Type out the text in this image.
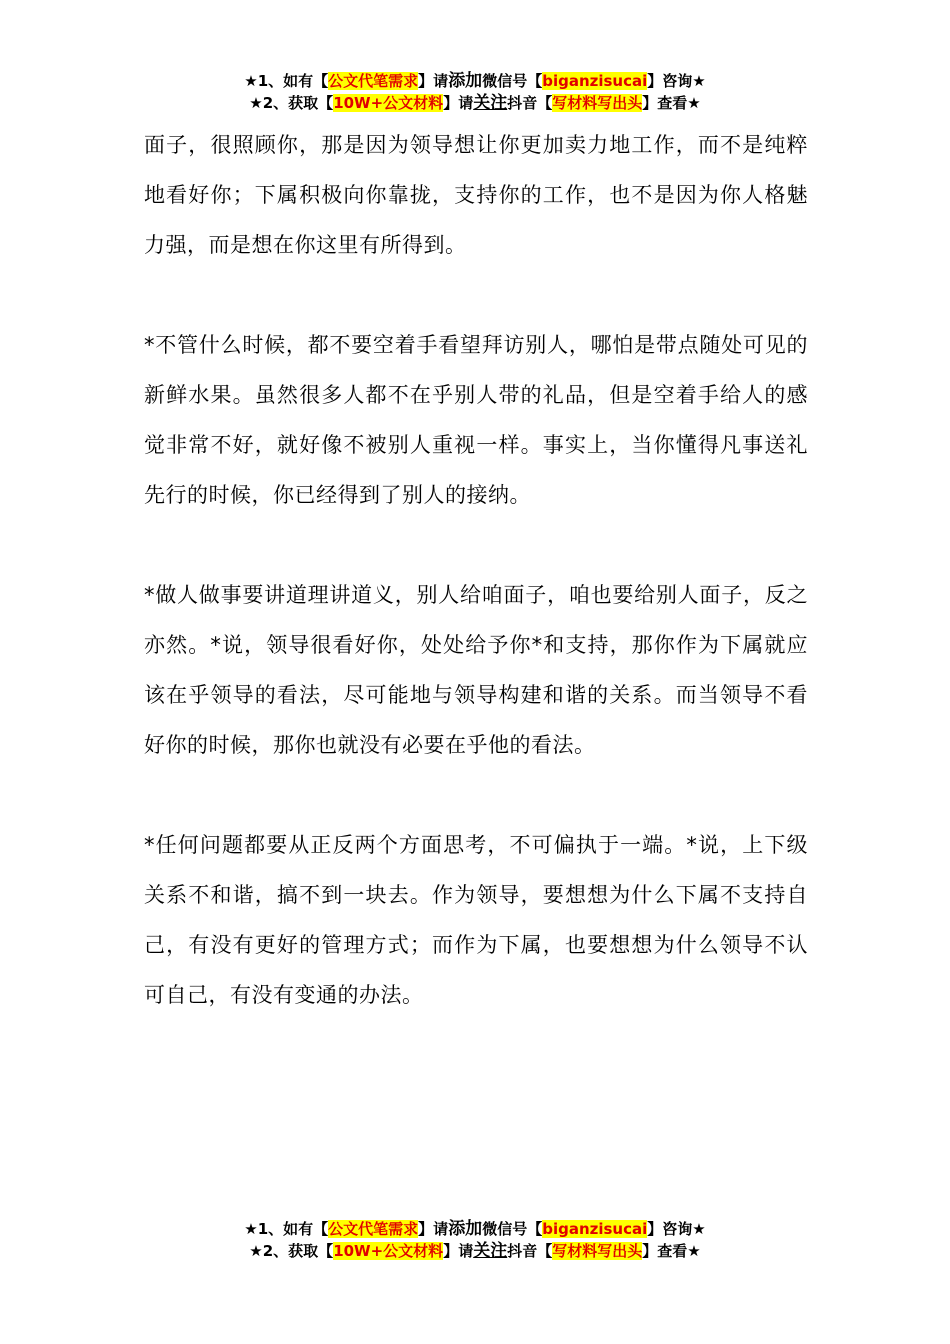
★1、如有【公文代笔需求】请添加微信号【biganzisucai】咨询★
★2、获取【10W+公文材料】请关注抖音【写材料写出头】查看★

面子，很照顾你，那是因为领导想让你更加卖力地工作，而不是纯粹地看好你；下属积极向你靠拢，支持你的工作，也不是因为你人格魅力强，而是想在你这里有所得到。

*不管什么时候，都不要空着手看望拜访别人，哪怕是带点随处可见的新鲜水果。虽然很多人都不在乎别人带的礼品，但是空着手给人的感觉非常不好，就好像不被别人重视一样。事实上，当你懂得凡事送礼先行的时候，你已经得到了别人的接纳。

*做人做事要讲道理讲道义，别人给咱面子，咱也要给别人面子，反之亦然。*说，领导很看好你，处处给予你*和支持，那你作为下属就应该在乎领导的看法，尽可能地与领导构建和谐的关系。而当领导不看好你的时候，那你也就没有必要在乎他的看法。

*任何问题都要从正反两个方面思考，不可偏执于一端。*说，上下级关系不和谐，搞不到一块去。作为领导，要想想为什么下属不支持自己，有没有更好的管理方式；而作为下属，也要想想为什么领导不认可自己，有没有变通的办法。

★1、如有【公文代笔需求】请添加微信号【biganzisucai】咨询★
★2、获取【10W+公文材料】请关注抖音【写材料写出头】查看★
